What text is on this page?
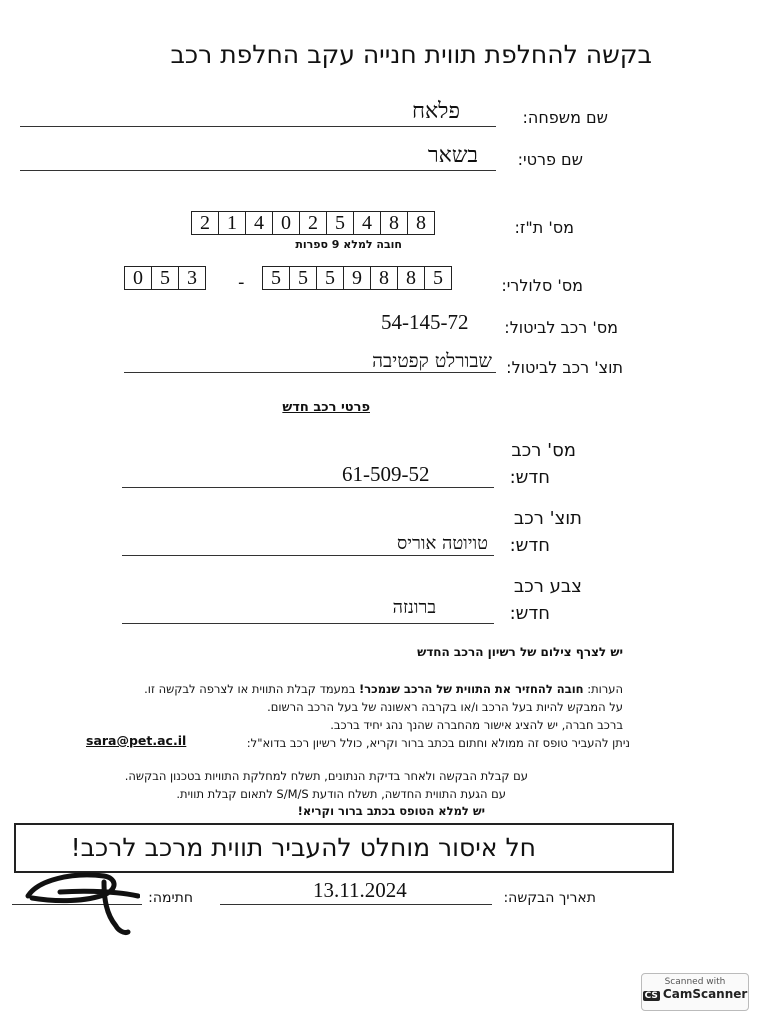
בקשה להחלפת תווית חנייה עקב החלפת רכב
שם משפחה:
פלאח
שם פרטי:
בשאר
מס' ת"ז:
2 1 4 0 2 5 4 8 8
חובה למלא 9 ספרות
מס' סלולרי:
0 5 3	-	5 5 5 9 8 8 5
מס' רכב לביטול:
54-145-72
תוצ' רכב לביטול:
שבורלט קפטיבה
פרטי רכב חדש
מס' רכב
חדש:
61-509-52
תוצ' רכב
חדש:
טויוטה אוריס
צבע רכב
חדש:
ברונזה
יש לצרף צילום של רשיון הרכב החדש
הערות: חובה להחזיר את התווית של הרכב שנמכר! במעמד קבלת התווית או לצרפה לבקשה זו.
על המבקש להיות בעל הרכב ו/או בקרבה ראשונה של בעל הרכב הרשום.
ברכב חברה, יש להציג אישור מהחברה שהנך נהג יחיד ברכב.
ניתן להעביר טופס זה ממולא וחתום בכתב ברור וקריא, כולל רשיון רכב בדוא"ל:
sara@pet.ac.il
עם קבלת הבקשה ולאחר בדיקת הנתונים, תשלח למחלקת התוויות בטכנון הבקשה.
עם הגעת התווית החדשה, תשלח הודעת S/M/S לתאום קבלת תווית.
יש למלא הטופס בכתב ברור וקריא!
חל איסור מוחלט להעביר תווית מרכב לרכב!
תאריך הבקשה:
13.11.2024
חתימה:
Scanned with
CS CamScanner
